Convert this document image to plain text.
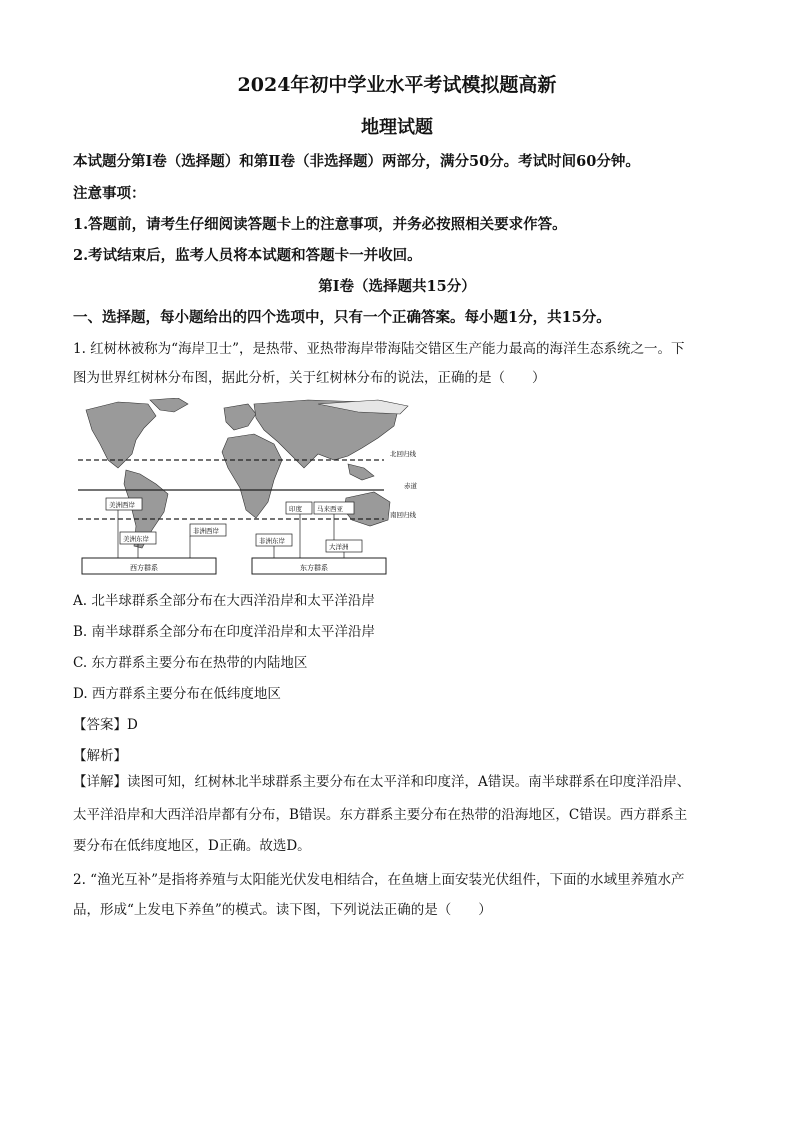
2024年初中学业水平考试模拟题高新
地理试题
本试题分第Ⅰ卷（选择题）和第Ⅱ卷（非选择题）两部分，满分50分。考试时间60分钟。
注意事项：
1.答题前，请考生仔细阅读答题卡上的注意事项，并务必按照相关要求作答。
2.考试结束后，监考人员将本试题和答题卡一并收回。
第Ⅰ卷（选择题共15分）
一、选择题，每小题给出的四个选项中，只有一个正确答案。每小题1分，共15分。
1. 红树林被称为“海岸卫士”，是热带、亚热带海岸带海陆交错区生产能力最高的海洋生态系统之一。下
图为世界红树林分布图，据此分析，关于红树林分布的说法，正确的是（　　）
北回归线
赤道
南回归线
美洲西岸
美洲东岸
非洲西岸
非洲东岸
印度 马来西亚
大洋洲
西方群系	东方群系
A. 北半球群系全部分布在大西洋沿岸和太平洋沿岸
B. 南半球群系全部分布在印度洋沿岸和太平洋沿岸
C. 东方群系主要分布在热带的内陆地区
D. 西方群系主要分布在低纬度地区
【答案】D
【解析】
【详解】读图可知，红树林北半球群系主要分布在太平洋和印度洋，A错误。南半球群系在印度洋沿岸、
太平洋沿岸和大西洋沿岸都有分布，B错误。东方群系主要分布在热带的沿海地区，C错误。西方群系主
要分布在低纬度地区，D正确。故选D。
2. “渔光互补”是指将养殖与太阳能光伏发电相结合，在鱼塘上面安装光伏组件，下面的水域里养殖水产
品，形成“上发电下养鱼”的模式。读下图，下列说法正确的是（　　）
